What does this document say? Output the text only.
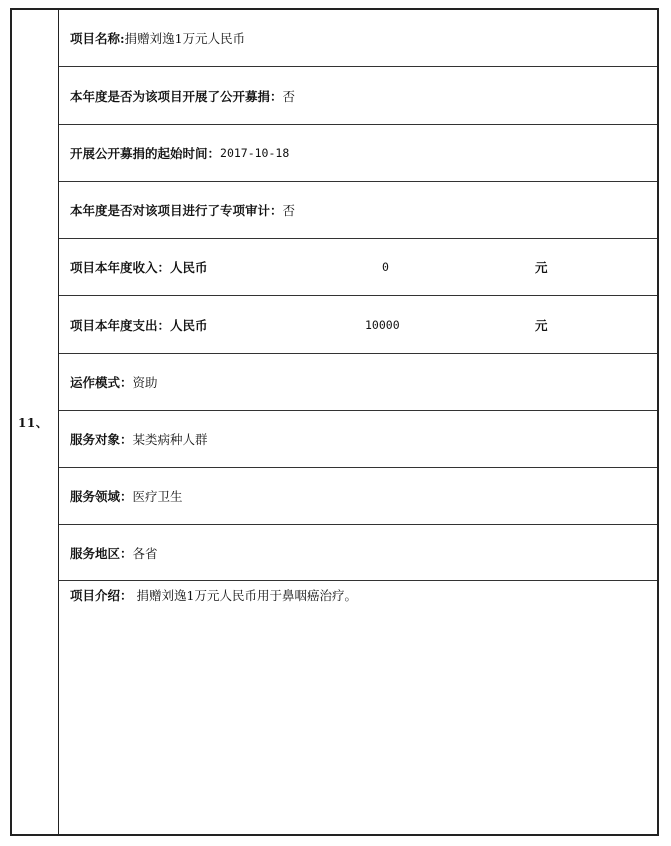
11、
项目名称: 捐赠刘逸1万元人民币
本年度是否为该项目开展了公开募捐： 否
开展公开募捐的起始时间： 2017-10-18
本年度是否对该项目进行了专项审计： 否
项目本年度收入：人民币	0	元
项目本年度支出：人民币	10000	元
运作模式： 资助
服务对象： 某类病种人群
服务领域： 医疗卫生
服务地区： 各省
项目介绍： 捐赠刘逸1万元人民币用于鼻咽癌治疗。
